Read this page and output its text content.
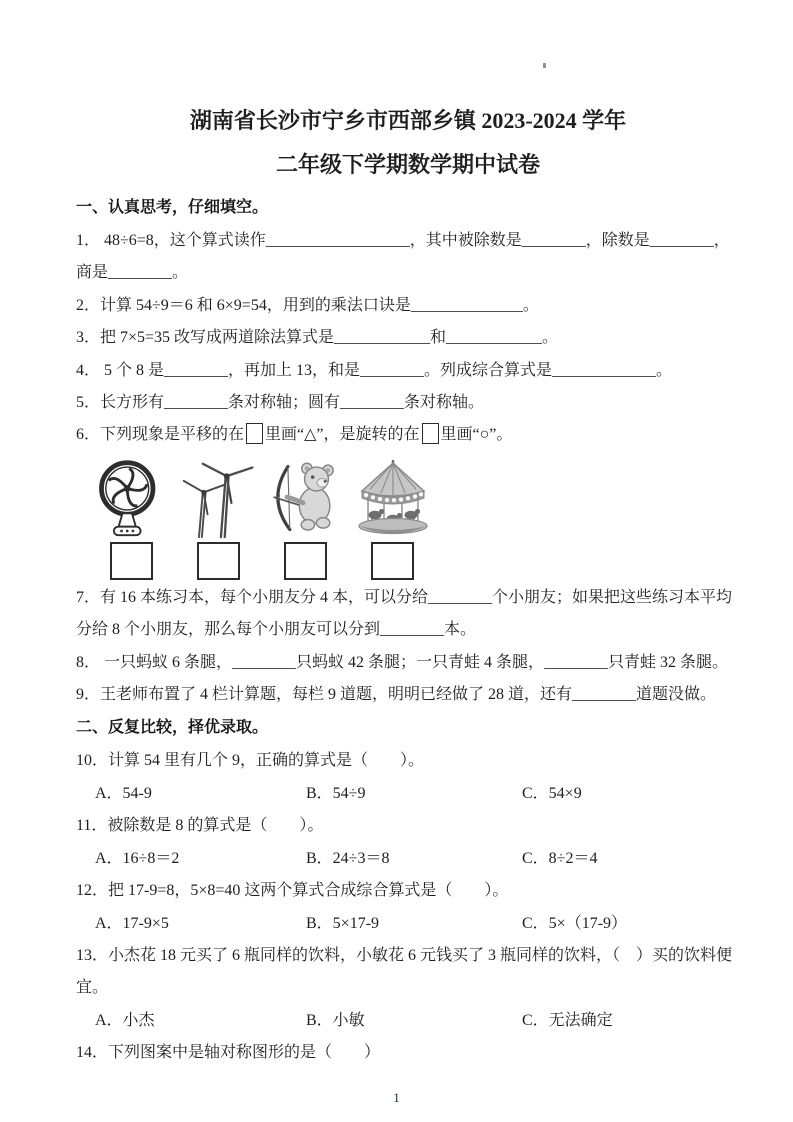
湖南省长沙市宁乡市西部乡镇 2023-2024 学年
二年级下学期数学期中试卷
一、认真思考，仔细填空。
1． 48÷6=8，这个算式读作__________________，其中被除数是________，除数是________，
商是________。
2．计算 54÷9＝6 和 6×9=54，用到的乘法口诀是______________。
3．把 7×5=35 改写成两道除法算式是____________和____________。
4． 5 个 8 是________，再加上 13，和是________。列成综合算式是_____________。
5．长方形有________条对称轴；圆有________条对称轴。
6．下列现象是平移的在 里画“△”，是旋转的在 里画“○”。
7．有 16 本练习本，每个小朋友分 4 本，可以分给________个小朋友；如果把这些练习本平均
分给 8 个小朋友，那么每个小朋友可以分到________本。
8． 一只蚂蚁 6 条腿，________只蚂蚁 42 条腿；一只青蛙 4 条腿，________只青蛙 32 条腿。
9．王老师布置了 4 栏计算题，每栏 9 道题，明明已经做了 28 道，还有________道题没做。
二、反复比较，择优录取。
10．计算 54 里有几个 9，正确的算式是（　　）。
A．54-9	B．54÷9	C．54×9
11．被除数是 8 的算式是（　　）。
A．16÷8＝2	B．24÷3＝8	C．8÷2＝4
12．把 17-9=8，5×8=40 这两个算式合成综合算式是（　　）。
A．17-9×5	B．5×17-9	C．5×（17-9）
13．小杰花 18 元买了 6 瓶同样的饮料，小敏花 6 元钱买了 3 瓶同样的饮料，（　）买的饮料便
宜。
A．小杰	B．小敏	C．无法确定
14．下列图案中是轴对称图形的是（　　）
1
